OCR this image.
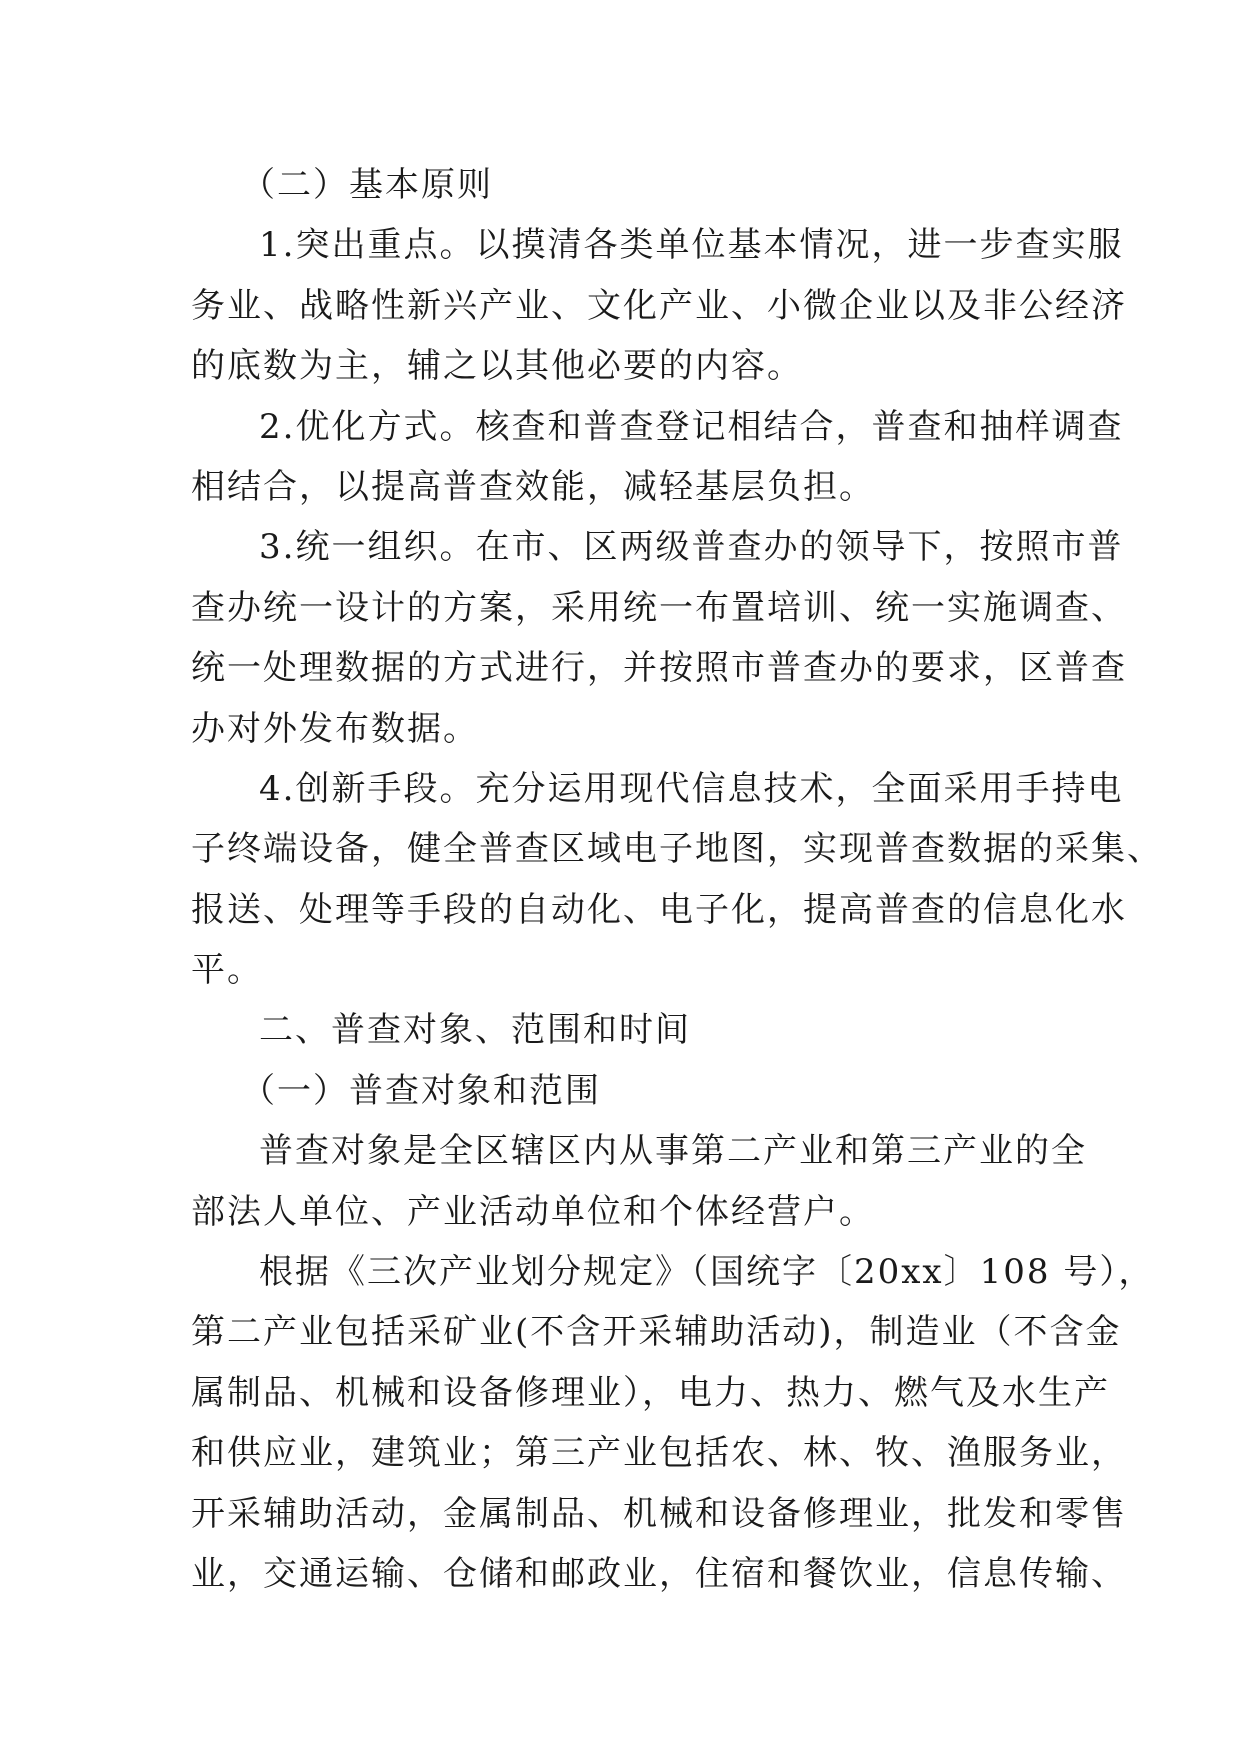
（二）基本原则
1.突出重点。以摸清各类单位基本情况，进一步查实服
务业、战略性新兴产业、文化产业、小微企业以及非公经济
的底数为主，辅之以其他必要的内容。
2.优化方式。核查和普查登记相结合，普查和抽样调查
相结合，以提高普查效能，减轻基层负担。
3.统一组织。在市、区两级普查办的领导下，按照市普
查办统一设计的方案，采用统一布置培训、统一实施调查、
统一处理数据的方式进行，并按照市普查办的要求，区普查
办对外发布数据。
4.创新手段。充分运用现代信息技术，全面采用手持电
子终端设备，健全普查区域电子地图，实现普查数据的采集、
报送、处理等手段的自动化、电子化，提高普查的信息化水
平。
二、普查对象、范围和时间
（一）普查对象和范围
普查对象是全区辖区内从事第二产业和第三产业的全
部法人单位、产业活动单位和个体经营户。
根据《三次产业划分规定》（国统字〔20xx〕108 号），
第二产业包括采矿业(不含开采辅助活动)，制造业（不含金
属制品、机械和设备修理业），电力、热力、燃气及水生产
和供应业，建筑业；第三产业包括农、林、牧、渔服务业，
开采辅助活动，金属制品、机械和设备修理业，批发和零售
业，交通运输、仓储和邮政业，住宿和餐饮业，信息传输、
